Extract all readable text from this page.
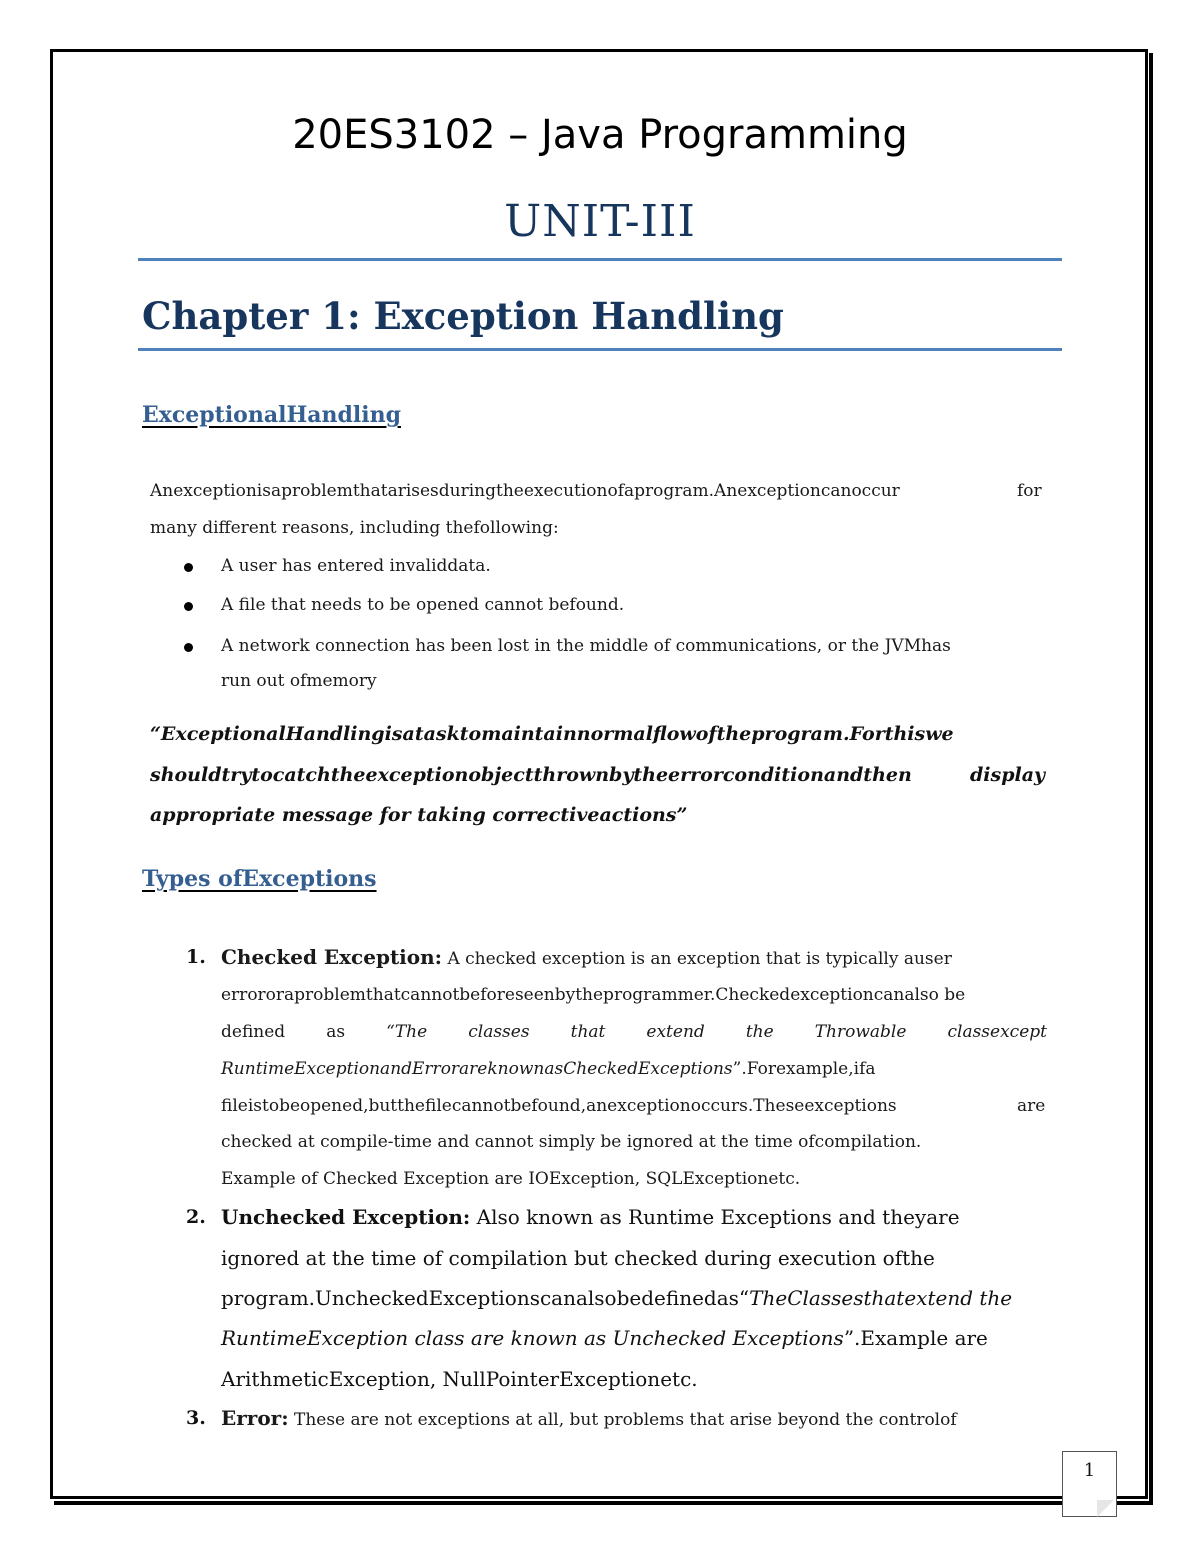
20ES3102 – Java Programming
UNIT-III
Chapter 1: Exception Handling
ExceptionalHandling
Anexceptionisaproblemthatarisesduringtheexecutionofaprogram.Anexceptioncanoccur	for
many different reasons, including thefollowing:
A user has entered invaliddata.
A file that needs to be opened cannot befound.
A network connection has been lost in the middle of communications, or the JVMhas
run out ofmemory
“ExceptionalHandlingisatasktomaintainnormalflowoftheprogram.Forthiswe
shouldtrytocatchtheexceptionobjectthrownbytheerrorconditionandthen	display
appropriate message for taking correctiveactions”
Types ofExceptions
1. Checked Exception: A checked exception is an exception that is typically auser
errororaproblemthatcannotbeforeseenbytheprogrammer.Checkedexceptioncanalso be
defined as “The classes that extend the Throwable classexcept
RuntimeExceptionandErrorareknownasCheckedExceptions”.Forexample,ifa
fileistobeopened,butthefilecannotbefound,anexceptionoccurs.Theseexceptions	are
checked at compile-time and cannot simply be ignored at the time ofcompilation.
Example of Checked Exception are IOException, SQLExceptionetc.
2. Unchecked Exception: Also known as Runtime Exceptions and theyare
ignored at the time of compilation but checked during execution ofthe
program.UncheckedExceptionscanalsobedefinedas“TheClassesthatextend the
RuntimeException class are known as Unchecked Exceptions”.Example are
ArithmeticException, NullPointerExceptionetc.
3. Error: These are not exceptions at all, but problems that arise beyond the controlof
1
